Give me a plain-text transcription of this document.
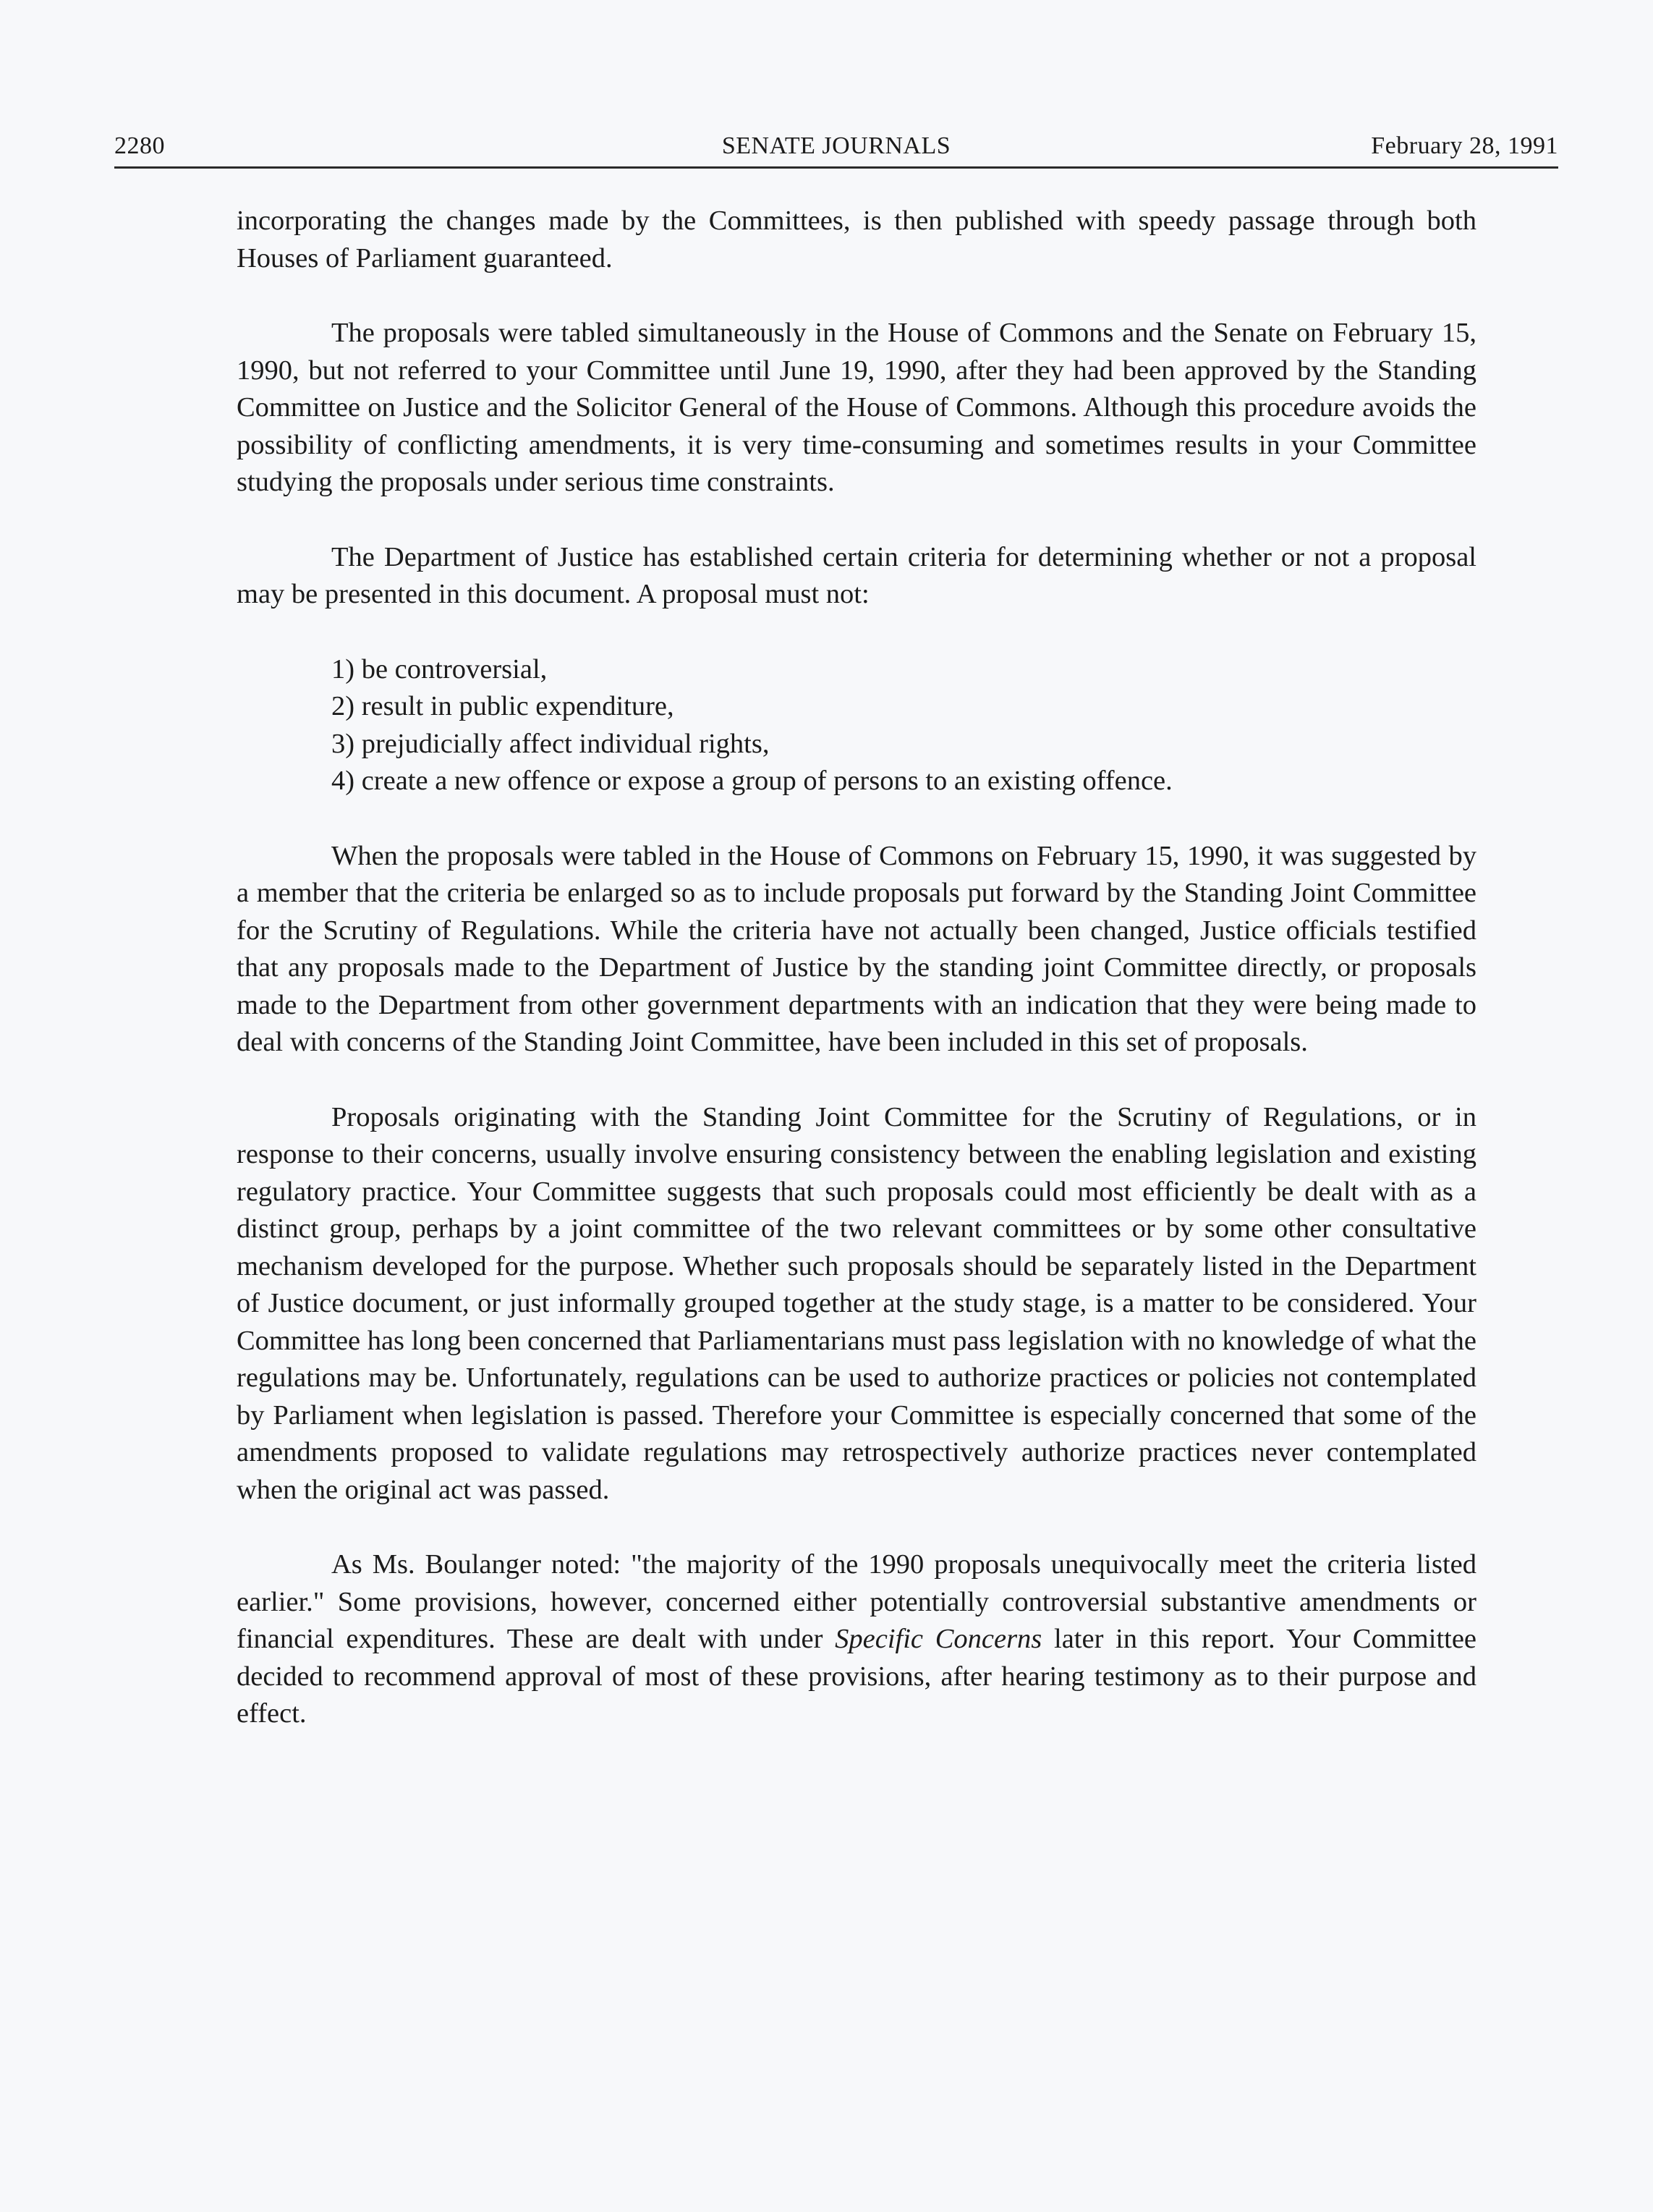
2280	SENATE JOURNALS	February 28, 1991

incorporating the changes made by the Committees, is then published with speedy passage through both Houses of Parliament guaranteed.

The proposals were tabled simultaneously in the House of Commons and the Senate on February 15, 1990, but not referred to your Committee until June 19, 1990, after they had been approved by the Standing Committee on Justice and the Solicitor General of the House of Commons. Although this procedure avoids the possibility of conflicting amendments, it is very time-consuming and sometimes results in your Committee studying the proposals under serious time constraints.

The Department of Justice has established certain criteria for determining whether or not a proposal may be presented in this document. A proposal must not:

1) be controversial,
2) result in public expenditure,
3) prejudicially affect individual rights,
4) create a new offence or expose a group of persons to an existing offence.

When the proposals were tabled in the House of Commons on February 15, 1990, it was suggested by a member that the criteria be enlarged so as to include proposals put forward by the Standing Joint Committee for the Scrutiny of Regulations. While the criteria have not actually been changed, Justice officials testified that any proposals made to the Department of Justice by the standing joint Committee directly, or proposals made to the Department from other government departments with an indication that they were being made to deal with concerns of the Standing Joint Committee, have been included in this set of proposals.

Proposals originating with the Standing Joint Committee for the Scrutiny of Regulations, or in response to their concerns, usually involve ensuring consistency between the enabling legislation and existing regulatory practice. Your Committee suggests that such proposals could most efficiently be dealt with as a distinct group, perhaps by a joint committee of the two relevant committees or by some other consultative mechanism developed for the purpose. Whether such proposals should be separately listed in the Department of Justice document, or just informally grouped together at the study stage, is a matter to be considered. Your Committee has long been concerned that Parliamentarians must pass legislation with no knowledge of what the regulations may be. Unfortunately, regulations can be used to authorize practices or policies not contemplated by Parliament when legislation is passed. Therefore your Committee is especially concerned that some of the amendments proposed to validate regulations may retrospectively authorize practices never contemplated when the original act was passed.

As Ms. Boulanger noted: "the majority of the 1990 proposals unequivocally meet the criteria listed earlier." Some provisions, however, concerned either potentially controversial substantive amendments or financial expenditures. These are dealt with under Specific Concerns later in this report. Your Committee decided to recommend approval of most of these provisions, after hearing testimony as to their purpose and effect.
